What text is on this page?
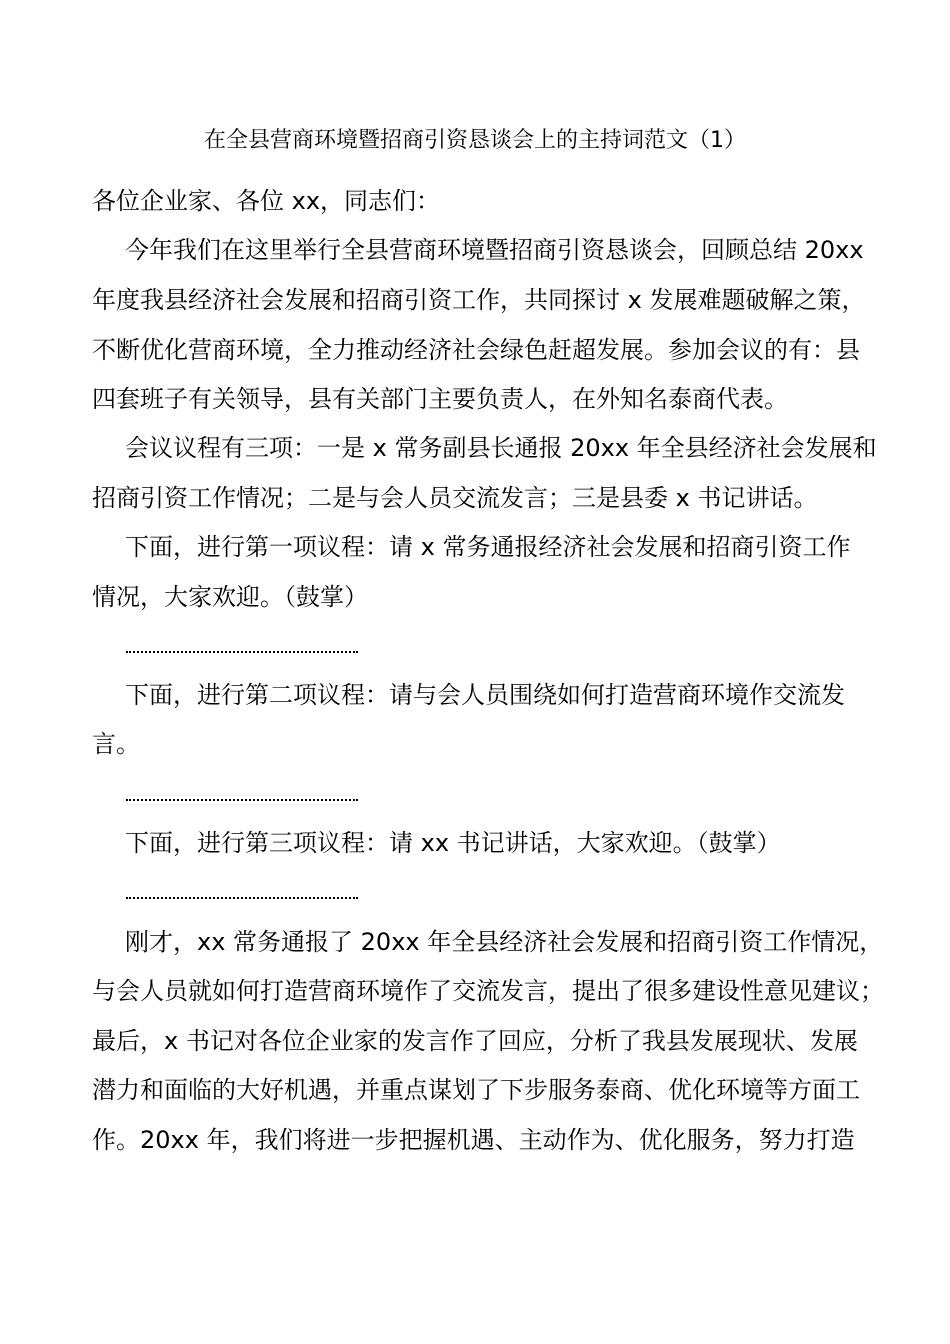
在全县营商环境暨招商引资恳谈会上的主持词范文（1）
各位企业家、各位 xx，同志们：
今年我们在这里举行全县营商环境暨招商引资恳谈会，回顾总结 20xx
年度我县经济社会发展和招商引资工作，共同探讨 x 发展难题破解之策，
不断优化营商环境，全力推动经济社会绿色赶超发展。参加会议的有：县
四套班子有关领导，县有关部门主要负责人，在外知名泰商代表。
会议议程有三项：一是 x 常务副县长通报 20xx 年全县经济社会发展和
招商引资工作情况；二是与会人员交流发言；三是县委 x 书记讲话。
下面，进行第一项议程：请 x 常务通报经济社会发展和招商引资工作
情况，大家欢迎。（鼓掌）
下面，进行第二项议程：请与会人员围绕如何打造营商环境作交流发
言。
下面，进行第三项议程：请 xx 书记讲话，大家欢迎。（鼓掌）
刚才，xx 常务通报了 20xx 年全县经济社会发展和招商引资工作情况，
与会人员就如何打造营商环境作了交流发言，提出了很多建设性意见建议；
最后，x 书记对各位企业家的发言作了回应，分析了我县发展现状、发展
潜力和面临的大好机遇，并重点谋划了下步服务泰商、优化环境等方面工
作。20xx 年，我们将进一步把握机遇、主动作为、优化服务，努力打造
